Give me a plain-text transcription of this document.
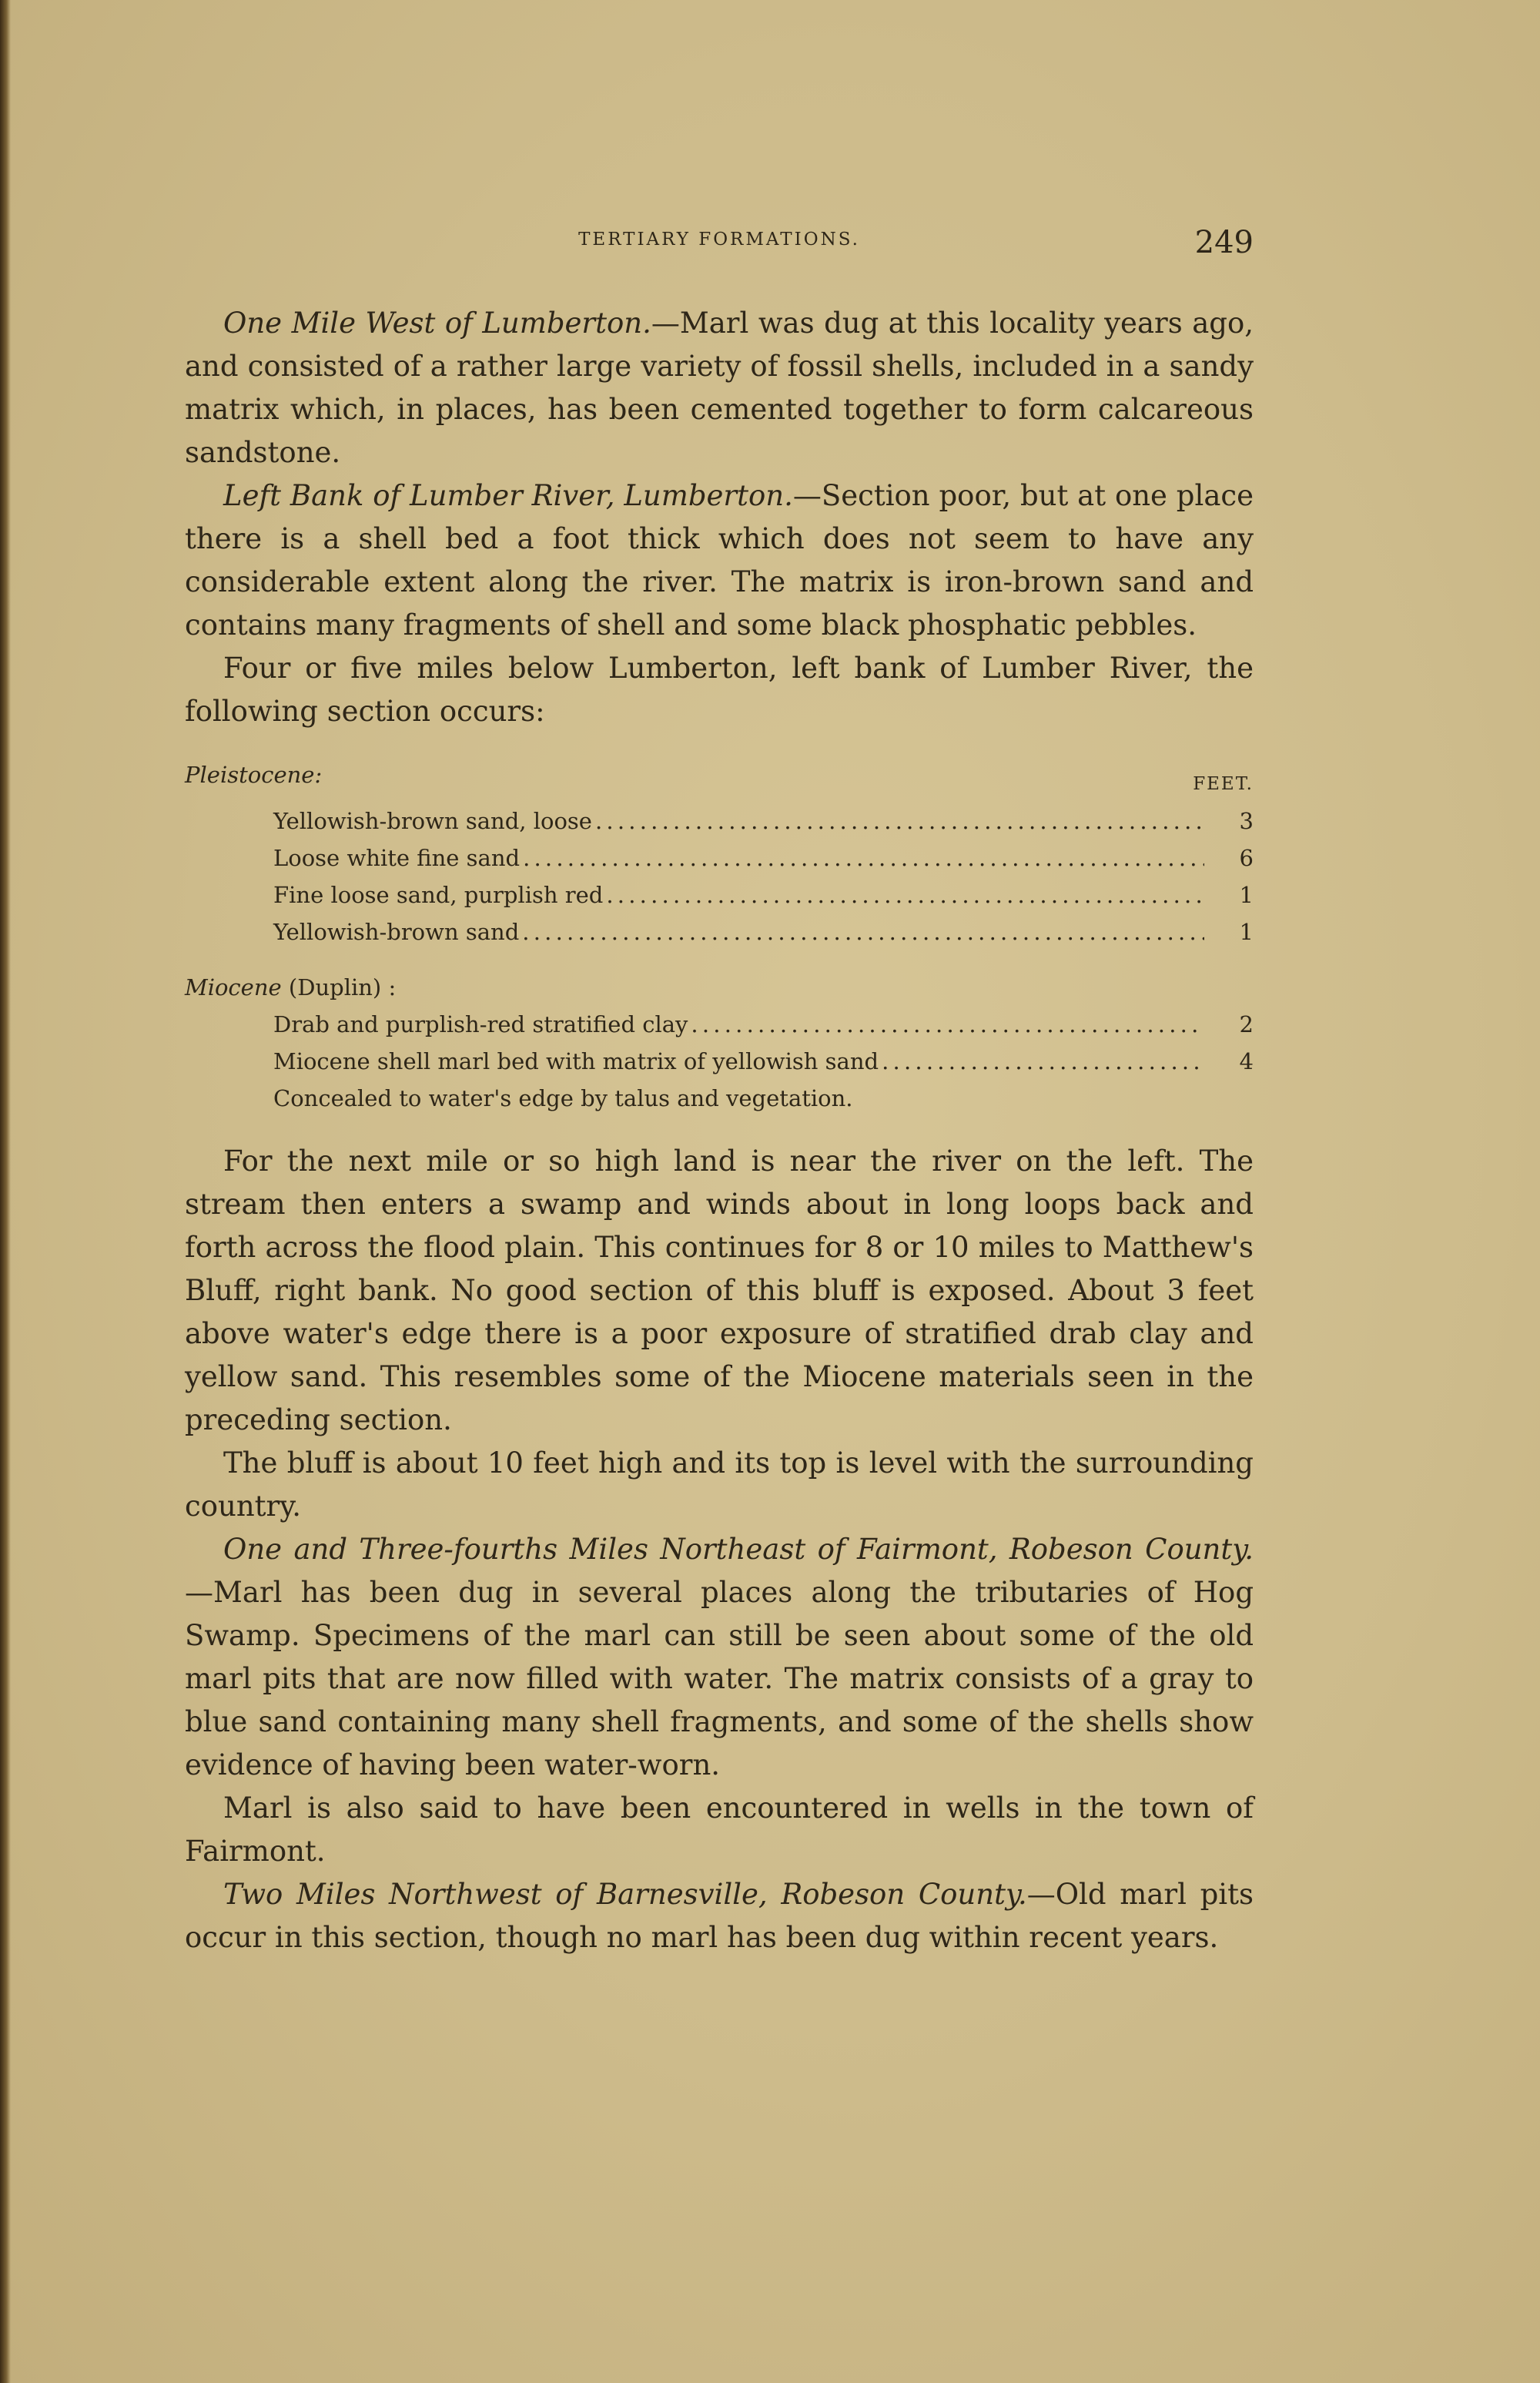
TERTIARY FORMATIONS.	249

One Mile West of Lumberton.—Marl was dug at this locality years ago, and consisted of a rather large variety of fossil shells, included in a sandy matrix which, in places, has been cemented together to form calcareous sandstone.

Left Bank of Lumber River, Lumberton.—Section poor, but at one place there is a shell bed a foot thick which does not seem to have any considerable extent along the river. The matrix is iron-brown sand and contains many fragments of shell and some black phosphatic pebbles.

Four or five miles below Lumberton, left bank of Lumber River, the following section occurs:

Pleistocene:	FEET.
Yellowish-brown sand, loose . . .	3
Loose white fine sand . . .	6
Fine loose sand, purplish red . . .	1
Yellowish-brown sand . . .	1
Miocene (Duplin) :
Drab and purplish-red stratified clay . . .	2
Miocene shell marl bed with matrix of yellowish sand . . .	4
Concealed to water's edge by talus and vegetation.

For the next mile or so high land is near the river on the left. The stream then enters a swamp and winds about in long loops back and forth across the flood plain. This continues for 8 or 10 miles to Matthew's Bluff, right bank. No good section of this bluff is exposed. About 3 feet above water's edge there is a poor exposure of stratified drab clay and yellow sand. This resembles some of the Miocene materials seen in the preceding section.

The bluff is about 10 feet high and its top is level with the surrounding country.

One and Three-fourths Miles Northeast of Fairmont, Robeson County.—Marl has been dug in several places along the tributaries of Hog Swamp. Specimens of the marl can still be seen about some of the old marl pits that are now filled with water. The matrix consists of a gray to blue sand containing many shell fragments, and some of the shells show evidence of having been water-worn.

Marl is also said to have been encountered in wells in the town of Fairmont.

Two Miles Northwest of Barnesville, Robeson County.—Old marl pits occur in this section, though no marl has been dug within recent years.
